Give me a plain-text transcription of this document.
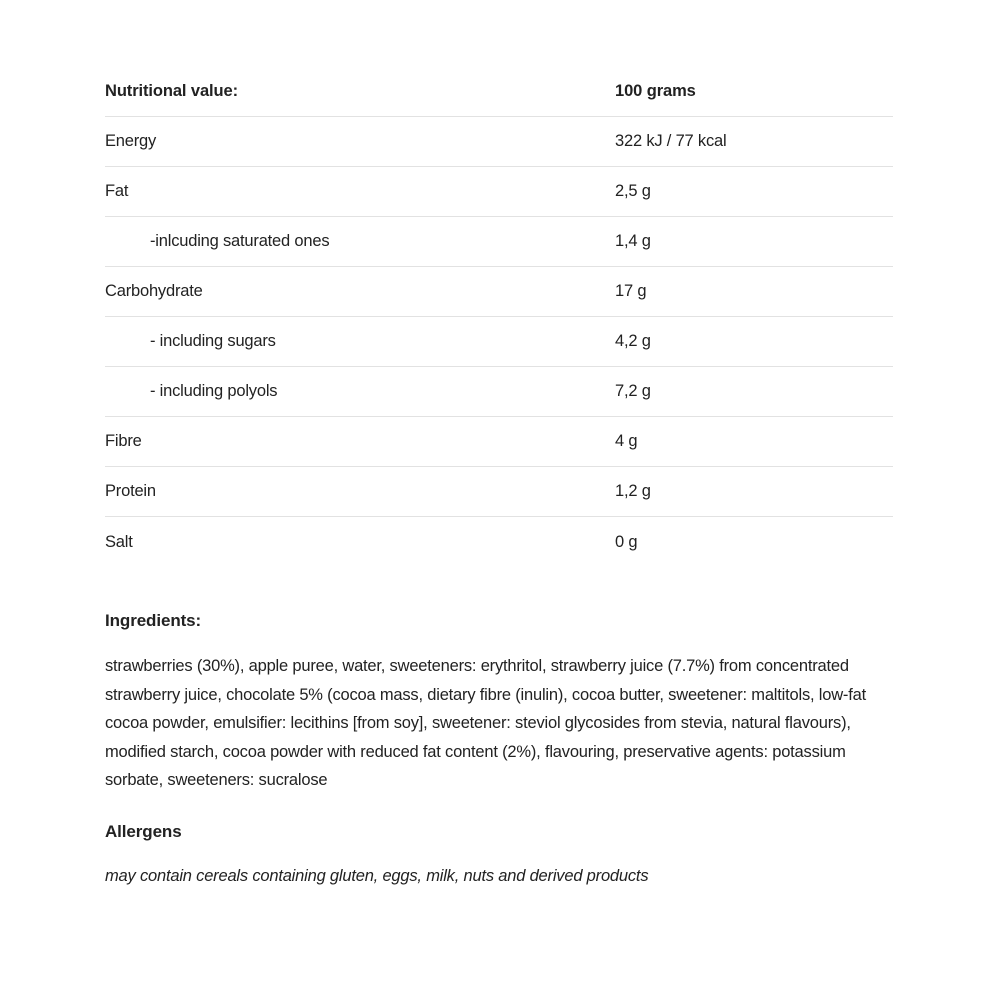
Nutritional value:	100 grams
Energy	322 kJ / 77 kcal
Fat	2,5 g
-inlcuding saturated ones	1,4 g
Carbohydrate	17 g
- including sugars	4,2 g
- including polyols	7,2 g
Fibre	4 g
Protein	1,2 g
Salt	0 g
Ingredients:

strawberries (30%), apple puree, water, sweeteners: erythritol, strawberry juice (7.7%) from concentrated strawberry juice, chocolate 5% (cocoa mass, dietary fibre (inulin), cocoa butter, sweetener: maltitols, low-fat cocoa powder, emulsifier: lecithins [from soy], sweetener: steviol glycosides from stevia, natural flavours), modified starch, cocoa powder with reduced fat content (2%), flavouring, preservative agents: potassium sorbate, sweeteners: sucralose

Allergens

may contain cereals containing gluten, eggs, milk, nuts and derived products
